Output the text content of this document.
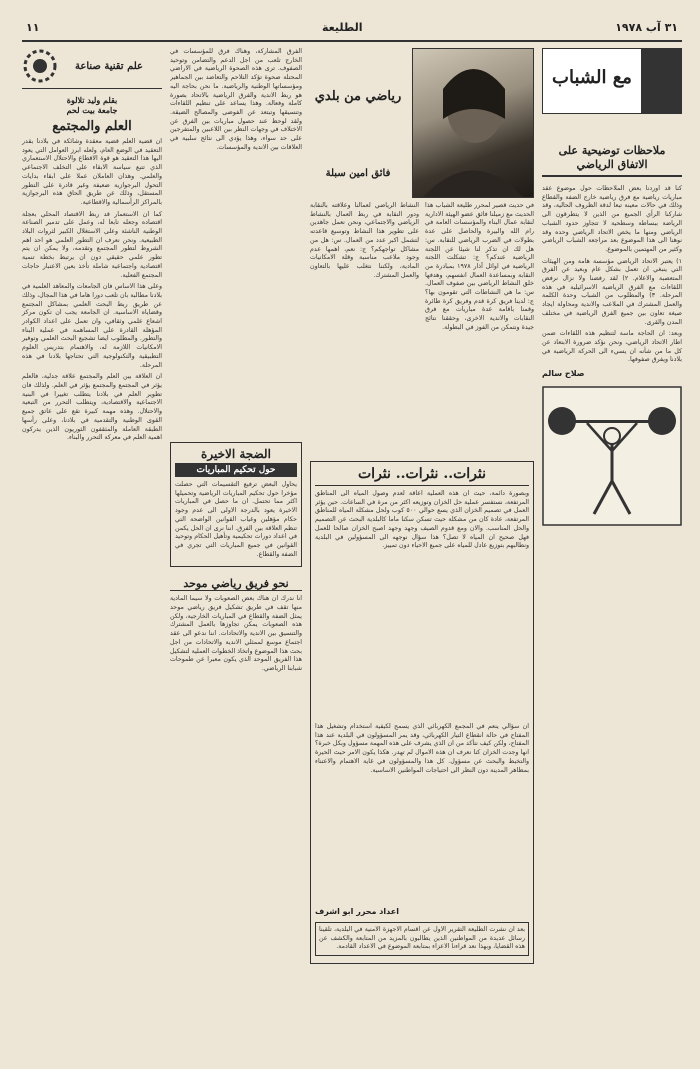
٣١ آب ١٩٧٨
الطليعة
١١
مع الشباب
ملاحظات توضيحية على الاتفاق الرياضي

كنا قد اوردنا بعض الملاحظات حول موضوع عقد مباريات رياضية مع فرق رياضية خارج الضفة والقطاع وذلك في حالات معينة تبعا لدقة الظروف الحالية، وقد شاركنا الرأي الجميع من الذين لا يتطرقون الى الرياضة ببساطة وسطحية لا تتجاوز حدود الشباب الرياضي ومنها ما يخص الاتحاد الرياضي وحده وقد نوهنا الى هذا الموضوع بعد مراجعة الشباب الرياضي وكثير من المهتمين بالموضوع.

١) يعتبر الاتحاد الرياضي مؤسسة هامة ومن الهيئات التي ينبغي ان تعمل بشكل عام وبعيد عن الفرق المتعصبة والاعلام. ٢) لقد رفضنا ولا نزال نرفض اللقاءات مع الفرق الرياضية الاسرائيلية في هذه المرحلة. ٣) والمطلوب من الشباب وحدة الكلمة والعمل المشترك في الملاعب والاندية ومحاولة ايجاد صيغة تعاون بين جميع الفرق الرياضية في مختلف المدن والقرى.

وبعد: ان الحاجة ماسة لتنظيم هذه اللقاءات ضمن اطار الاتحاد الرياضي، ونحن نؤكد ضرورة الابتعاد عن كل ما من شأنه ان يسيء الى الحركة الرياضية في بلادنا ويفرق صفوفها.

صلاح سالم
رياضي من بلدي
فائق امين سبلة

في حديث قصير لمحرر طليعة الشباب هذا الحديث مع زميلنا فائق عضو الهيئة الادارية لنقابة عمال البناء والمؤسسات العامة في رام الله والبيرة والحاصل على عدة بطولات في الضرب الرياضي للنقابة. س: هل لك ان تذكر لنا شيئا عن اللجنة الرياضية عندكم؟ ج: تشكلت اللجنة الرياضية في اوائل آذار ١٩٧٨ بمبادرة من النقابة وبمساعدة العمال انفسهم، وهدفها خلق النشاط الرياضي بين صفوف العمال. س: ما هي النشاطات التي تقومون بها؟ ج: لدينا فريق كرة قدم وفريق كرة طائرة وقمنا باقامة عدة مباريات مع فرق النقابات والاندية الاخرى، وحققنا نتائج جيدة ونتمكن من الفوز في البطولة.

النشاط الرياضي لعمالنا وعلاقته بالنقابة ودور النقابة في ربط العمال بالنشاط الرياضي والاجتماعي، ونحن نعمل جاهدين على تطوير هذا النشاط وتوسيع قاعدته لتشمل اكبر عدد من العمال. س: هل من مشاكل تواجهكم؟ ج: نعم، اهمها عدم وجود ملاعب مناسبة وقلة الامكانيات المادية، ولكننا نتغلب عليها بالتعاون والعمل المشترك.

نثرات.. نثرات.. نثرات

وبصورة دائمة، حيث ان هذه العملية اعاقة لعدم وصول المياه الى المناطق المرتفعة، نستفسر عملية حل الخزان وتوزيعه اكثر من مرة في الساعات. حين يؤثر العمل في تصميم الخزان الذي يسع حوالي ٥٠٠ كوب ولحل مشكلة المياه للمناطق المرتفعة، عادة كان من مشكلة حيث تسكن سكنا ماما كالبلدية البحث عن التصميم والحل المناسب. والان ومع قدوم الصيف وجهد وجهد اصبح الخزان صالحا للعمل فهل صحيح ان المياه لا تصل؟ هذا سؤال نوجهه الى المسؤولين في البلدية ونطالبهم بتوزيع عادل للمياه على جميع الاحياء دون تمييز.

ان سؤالي ينعم في المجمع الكهربائي الذي يسمح لكيفية استخدام وتشغيل هذا المفتاح في حالة انقطاع التيار الكهربائي، وقد يمر المسؤولون في البلدية عند هذا المفتاح، ولكن كيف نتأكد من ان الذي يشرف على هذه المهمة مسؤول وبكل خبرة؟ انها وجدت الخزان كنا نعرف ان هذه الاموال لم تهدر. هكذا يكون الامر حيث الحيرة والتخبط والبحث عن مسؤول. كل هذا والمسؤولون في غاية الاهتمام والاعتناء بمظاهر المدينة دون النظر الى احتياجات المواطنين الاساسية.

اعداد محرر ابو اشرف

بعد ان نشرت الطليعة التقرير الاول عن اقسام الاجهزة الامنية في البلدية، تلقينا رسائل عديدة من المواطنين الذين يطالبون بالمزيد من المتابعة والكشف عن هذه القضايا، وبهذا نعد قراءنا الاعزاء بمتابعة الموضوع في الاعداد القادمة.

الفرق المشاركة، وهناك فرق للمؤسسات في الخارج تلعب من اجل الدعم والتضامن وتوحيد الصفوف. ترى هذه الصحوة الرياضية في الاراضي المحتلة صحوة تؤكد التلاحم والتعاضد بين الجماهير ومؤسساتها الوطنية والرياضية. ما نحن بحاجة اليه هو ربط الاندية والفرق الرياضية بالاتحاد بصورة كاملة وفعالة. وهذا يساعد على تنظيم اللقاءات وتنسيقها وتبتعد عن الفوضى والمصالح الضيقة. ولقد لوحظ عند حصول مباريات بين الفرق عن الاختلاف في وجهات النظر بين اللاعبين والمتفرجين على حد سواء، وهذا يؤدي الى نتائج سلبية في العلاقات بين الاندية والمؤسسات.

الضجة الاخيرة
حول تحكيم المباريات

يحاول البعض ترفيع التقسيمات التي حصلت مؤخرا حول تحكيم المباريات الرياضية وتحميلها اكثر مما تحتمل. ان ما حصل في المباريات الاخيرة يعود بالدرجة الاولى الى عدم وجود حكام مؤهلين وغياب القوانين الواضحة التي تنظم العلاقة بين الفرق. اننا نرى ان الحل يكمن في اعداد دورات تحكيمية وتأهيل الحكام وتوحيد القوانين في جميع المباريات التي تجري في الضفة والقطاع.

نحو فريق رياضي موحد

انا ندرك ان هناك بعض الصعوبات ولا سيما المادية منها تقف في طريق تشكيل فريق رياضي موحد يمثل الضفة والقطاع في المباريات الخارجية، ولكن هذه الصعوبات يمكن تجاوزها بالعمل المشترك والتنسيق بين الاندية والاتحادات. اننا ندعو الى عقد اجتماع موسع لممثلي الاندية والاتحادات من اجل بحث هذا الموضوع واتخاذ الخطوات العملية لتشكيل هذا الفريق الموحد الذي يكون معبرا عن طموحات شبابنا الرياضي.

علم تقنية صناعة
بقلم وليد تلالوة
جامعة بيت لحم
العلم والمجتمع

ان قضية العلم قضية معقدة وشائكة في بلادنا بقدر التعقيد في الوضع العام، ولعله ابرز العوامل التي يعود اليها هذا التعقيد هو قوة الاقطاع والاحتلال الاستعماري الذي تتبع سياسة الابقاء على التخلف الاجتماعي والعلمي. وهذان العاملان عملا على ابقاء بدايات التحول البرجوازية ضعيفة وغير قادرة على التطور المستقل، وذلك عن طريق الحاق هذه البرجوازية بالمراكز الرأسمالية والاقطاعية.

كما ان الاستعمار قد ربط الاقتصاد المحلي بعجلة اقتصاده وجعله تابعا له، وعمل على تدمير الصناعة الوطنية الناشئة وعلى الاستغلال الكبير لثروات البلاد الطبيعية. ونحن نعرف ان التطور العلمي هو احد اهم الشروط لتطور المجتمع وتقدمه، ولا يمكن ان يتم تطور علمي حقيقي دون ان يرتبط بخطة تنمية اقتصادية واجتماعية شاملة تأخذ بعين الاعتبار حاجات المجتمع الفعلية.

وعلى هذا الاساس فان الجامعات والمعاهد العلمية في بلادنا مطالبة بان تلعب دورا هاما في هذا المجال، وذلك عن طريق ربط البحث العلمي بمشاكل المجتمع وقضاياه الاساسية. ان الجامعة يجب ان تكون مركز اشعاع علمي وثقافي، وان تعمل على اعداد الكوادر المؤهلة القادرة على المساهمة في عملية البناء والتطور. والمطلوب ايضا تشجيع البحث العلمي وتوفير الامكانيات اللازمة له، والاهتمام بتدريس العلوم التطبيقية والتكنولوجية التي تحتاجها بلادنا في هذه المرحلة.

ان العلاقة بين العلم والمجتمع علاقة جدلية، فالعلم يؤثر في المجتمع والمجتمع يؤثر في العلم. ولذلك فان تطوير العلم في بلادنا يتطلب تغييرا في البنية الاجتماعية والاقتصادية، ويتطلب التحرر من التبعية والاحتلال. وهذه مهمة كبيرة تقع على عاتق جميع القوى الوطنية والتقدمية في بلادنا، وعلى رأسها الطبقة العاملة والمثقفون الثوريون الذين يدركون اهمية العلم في معركة التحرر والبناء.
